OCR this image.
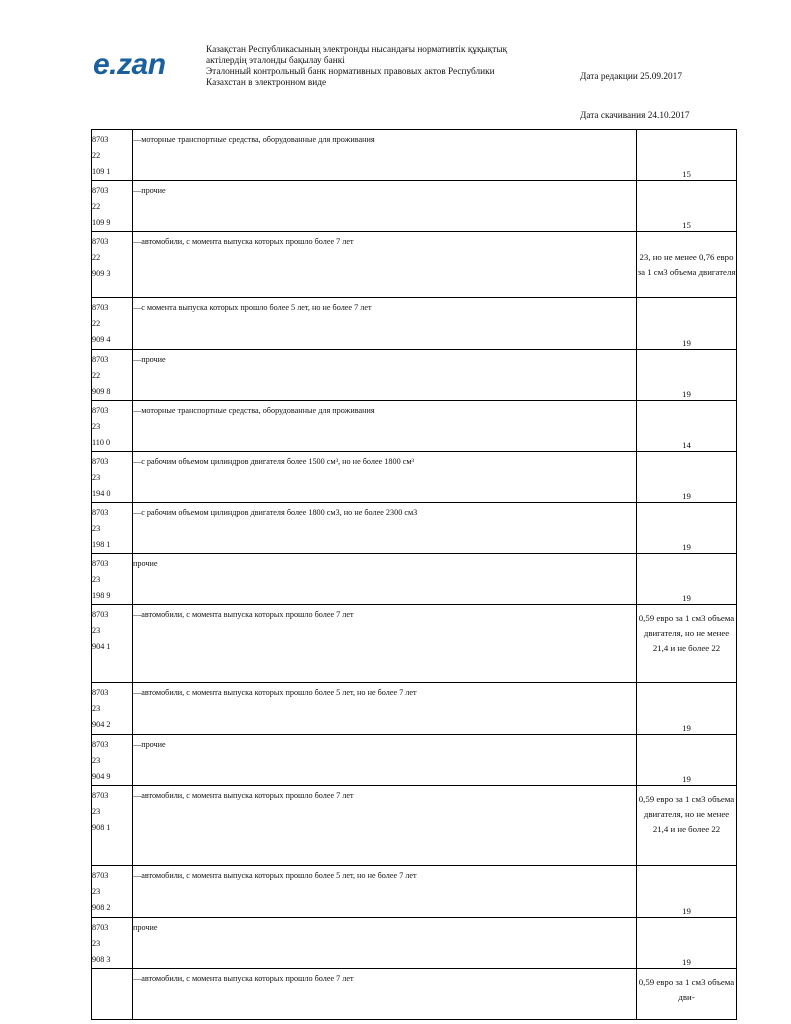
e.zan	Казақстан Республикасының электронды нысандағы нормативтік құқықтық
актілердің эталонды бақылау банкі
Эталонный контрольный банк нормативных правовых актов Республики
Казахстан в электронном виде

Дата редакции 25.09.2017

Дата скачивания 24.10.2017

8703
22
109 1	—моторные транспортные средства, оборудованные для проживания	15

8703
22
109 9	—прочие	15

8703
22
909 3	—автомобили, с момента выпуска которых прошло более 7 лет	23, но не менее 0,76 евро за 1 см3 объема двигателя

8703
22
909 4	—с момента выпуска которых прошло более 5 лет, но не более 7 лет	19

8703
22
909 8	—прочие	19

8703
23
110 0	—моторные транспортные средства, оборудованные для проживания	14

8703
23
194 0	—с рабочим объемом цилиндров двигателя более 1500 см³, но не более 1800 см³	19

8703
23
198 1	—с рабочим объемом цилиндров двигателя более 1800 см3, но не более 2300 см3	19

8703
23
198 9	прочие	19

8703
23
904 1	—автомобили, с момента выпуска которых прошло более 7 лет	0,59 евро за 1 см3 объема двигателя, но не менее 21,4 и не более 22

8703
23
904 2	—автомобили, с момента выпуска которых прошло более 5 лет, но не более 7 лет	19

8703
23
904 9	—прочие	19

8703
23
908 1	—автомобили, с момента выпуска которых прошло более 7 лет	0,59 евро за 1 см3 объема двигателя, но не менее 21,4 и не более 22

8703
23
908 2	—автомобили, с момента выпуска которых прошло более 5 лет, но не более 7 лет	19

8703
23
908 3	прочие	19

	—автомобили, с момента выпуска которых прошло более 7 лет	0,59 евро за 1 см3 объема дви-
